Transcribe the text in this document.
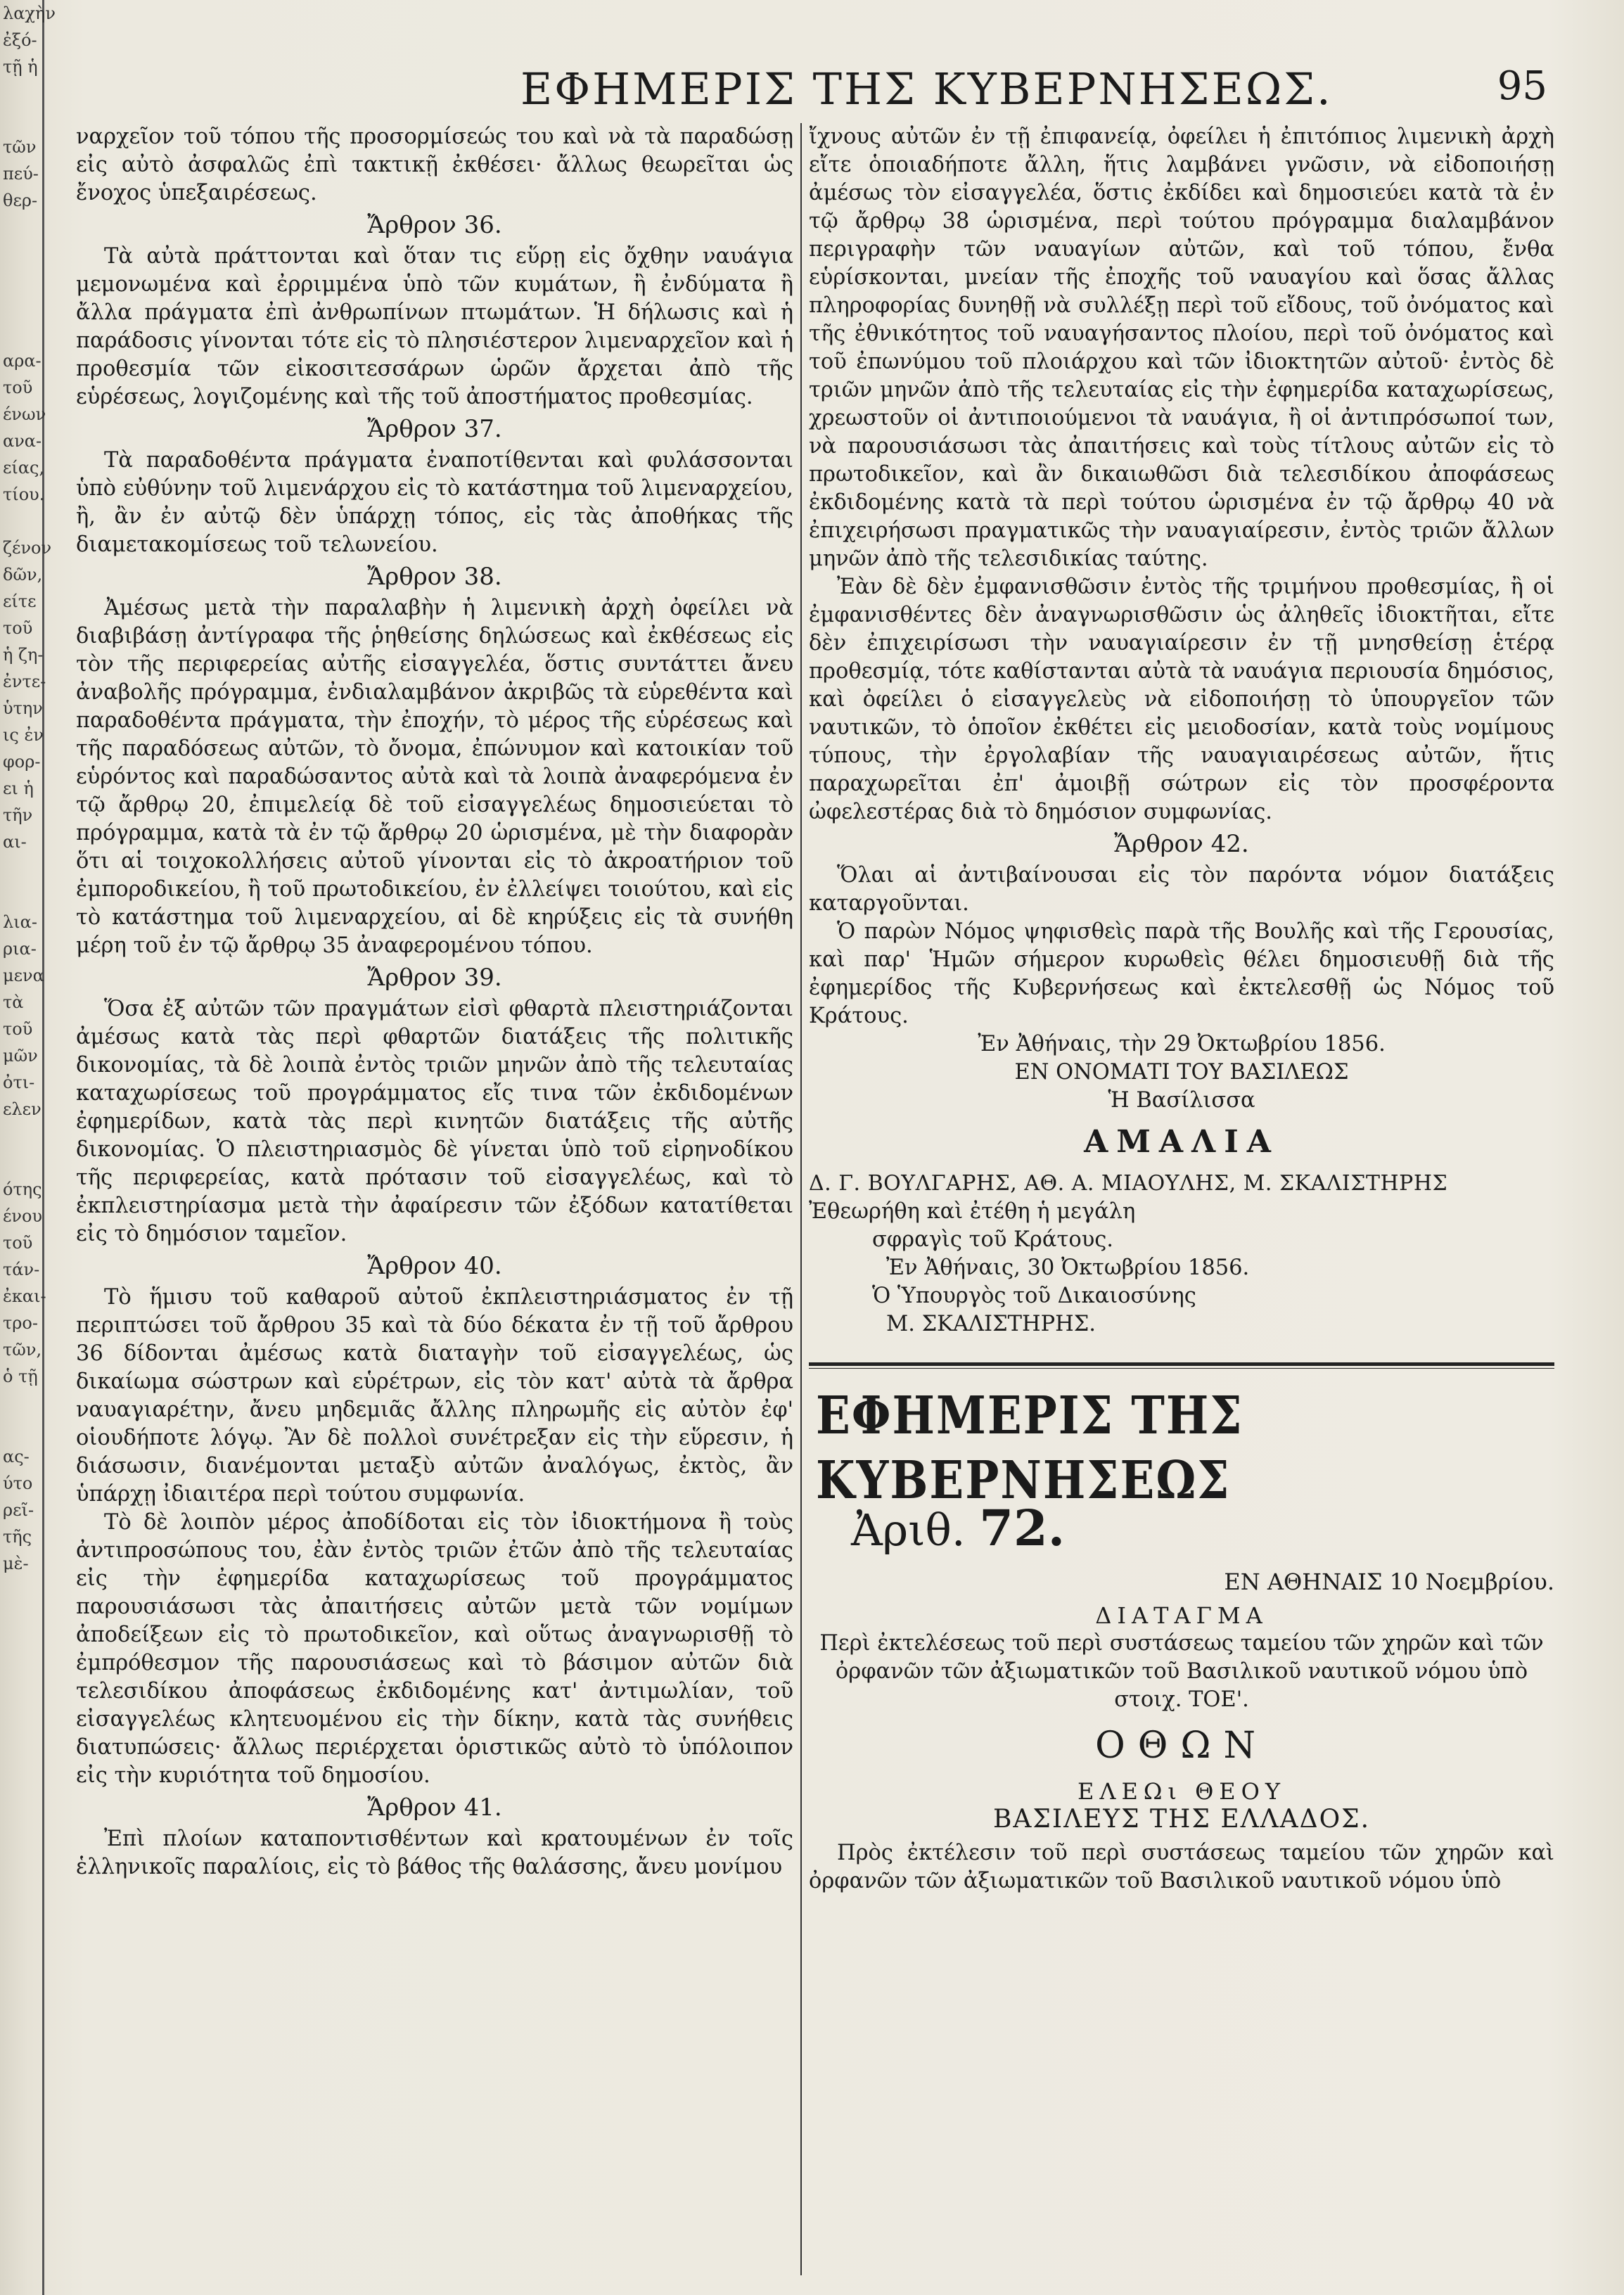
λαχὴν

ἐξό-

τῇ ἡ

τῶν

πεύ-

θερ-

αρα-

τοῦ

ένων

ανα-

είας,

τίου.

ζένον

δῶν,

είτε

τοῦ

ἡ ζη-

ἐντε-

ὑτην

ις ἐν

φορ-

ει ἡ

τῆν

αι-

λια-

ρια-

μενα

τὰ

τοῦ

μῶν

ὀτι-

ελεν

ότης

ένου

τοῦ

τάν-

ἐκαι-

τρο-

τῶν,

ὁ τῇ

ας-

ύτο

ρεῖ-

τῆς

μὲ-

ΕΦΗΜΕΡΙΣ ΤΗΣ ΚΥΒΕΡΝΗΣΕΩΣ.	95

ναρχεῖον τοῦ τόπου τῆς προσορμίσεώς του καὶ νὰ τὰ παραδώσῃ εἰς αὐτὸ ἀσφαλῶς ἐπὶ τακτικῇ ἐκθέσει· ἄλλως θεωρεῖται ὡς ἔνοχος ὑπεξαιρέσεως.

Ἄρθρον 36.

Τὰ αὐτὰ πράττονται καὶ ὅταν τις εὕρῃ εἰς ὄχθην ναυάγια μεμονωμένα καὶ ἐρριμμένα ὑπὸ τῶν κυμάτων, ἢ ἐνδύματα ἢ ἄλλα πράγματα ἐπὶ ἀνθρωπίνων πτωμάτων. Ἡ δήλωσις καὶ ἡ παράδοσις γίνονται τότε εἰς τὸ πλησιέστερον λιμεναρχεῖον καὶ ἡ προθεσμία τῶν εἰκοσιτεσσάρων ὡρῶν ἄρχεται ἀπὸ τῆς εὑρέσεως, λογιζομένης καὶ τῆς τοῦ ἀποστήματος προθεσμίας.

Ἄρθρον 37.

Τὰ παραδοθέντα πράγματα ἐναποτίθενται καὶ φυλάσσονται ὑπὸ εὐθύνην τοῦ λιμενάρχου εἰς τὸ κατάστημα τοῦ λιμεναρχείου, ἢ, ἂν ἐν αὐτῷ δὲν ὑπάρχῃ τόπος, εἰς τὰς ἀποθήκας τῆς διαμετακομίσεως τοῦ τελωνείου.

Ἄρθρον 38.

Ἀμέσως μετὰ τὴν παραλαβὴν ἡ λιμενικὴ ἀρχὴ ὀφείλει νὰ διαβιβάσῃ ἀντίγραφα τῆς ῥηθείσης δηλώσεως καὶ ἐκθέσεως εἰς τὸν τῆς περιφερείας αὐτῆς εἰσαγγελέα, ὅστις συντάττει ἄνευ ἀναβολῆς πρόγραμμα, ἐνδιαλαμβάνον ἀκριβῶς τὰ εὑρεθέντα καὶ παραδοθέντα πράγματα, τὴν ἐποχήν, τὸ μέρος τῆς εὑρέσεως καὶ τῆς παραδόσεως αὐτῶν, τὸ ὄνομα, ἐπώνυμον καὶ κατοικίαν τοῦ εὑρόντος καὶ παραδώσαντος αὐτὰ καὶ τὰ λοιπὰ ἀναφερόμενα ἐν τῷ ἄρθρῳ 20, ἐπιμελείᾳ δὲ τοῦ εἰσαγγελέως δημοσιεύεται τὸ πρόγραμμα, κατὰ τὰ ἐν τῷ ἄρθρῳ 20 ὡρισμένα, μὲ τὴν διαφορὰν ὅτι αἱ τοιχοκολλήσεις αὐτοῦ γίνονται εἰς τὸ ἀκροατήριον τοῦ ἐμποροδικείου, ἢ τοῦ πρωτοδικείου, ἐν ἐλλείψει τοιούτου, καὶ εἰς τὸ κατάστημα τοῦ λιμεναρχείου, αἱ δὲ κηρύξεις εἰς τὰ συνήθη μέρη τοῦ ἐν τῷ ἄρθρῳ 35 ἀναφερομένου τόπου.

Ἄρθρον 39.

Ὅσα ἐξ αὐτῶν τῶν πραγμάτων εἰσὶ φθαρτὰ πλειστηριάζονται ἀμέσως κατὰ τὰς περὶ φθαρτῶν διατάξεις τῆς πολιτικῆς δικονομίας, τὰ δὲ λοιπὰ ἐντὸς τριῶν μηνῶν ἀπὸ τῆς τελευταίας καταχωρίσεως τοῦ προγράμματος εἴς τινα τῶν ἐκδιδομένων ἐφημερίδων, κατὰ τὰς περὶ κινητῶν διατάξεις τῆς αὐτῆς δικονομίας. Ὁ πλειστηριασμὸς δὲ γίνεται ὑπὸ τοῦ εἰρηνοδίκου τῆς περιφερείας, κατὰ πρότασιν τοῦ εἰσαγγελέως, καὶ τὸ ἐκπλειστηρίασμα μετὰ τὴν ἀφαίρεσιν τῶν ἐξόδων κατατίθεται εἰς τὸ δημόσιον ταμεῖον.

Ἄρθρον 40.

Τὸ ἥμισυ τοῦ καθαροῦ αὐτοῦ ἐκπλειστηριάσματος ἐν τῇ περιπτώσει τοῦ ἄρθρου 35 καὶ τὰ δύο δέκατα ἐν τῇ τοῦ ἄρθρου 36 δίδονται ἀμέσως κατὰ διαταγὴν τοῦ εἰσαγγελέως, ὡς δικαίωμα σώστρων καὶ εὑρέτρων, εἰς τὸν κατ' αὐτὰ τὰ ἄρθρα ναυαγιαρέτην, ἄνευ μηδεμιᾶς ἄλλης πληρωμῆς εἰς αὐτὸν ἐφ' οἱουδήποτε λόγῳ. Ἂν δὲ πολλοὶ συνέτρεξαν εἰς τὴν εὕρεσιν, ἡ διάσωσιν, διανέμονται μεταξὺ αὐτῶν ἀναλόγως, ἐκτὸς, ἂν ὑπάρχῃ ἰδιαιτέρα περὶ τούτου συμφωνία.

Τὸ δὲ λοιπὸν μέρος ἀποδίδοται εἰς τὸν ἰδιοκτήμονα ἢ τοὺς ἀντιπροσώπους του, ἐὰν ἐντὸς τριῶν ἐτῶν ἀπὸ τῆς τελευταίας εἰς τὴν ἐφημερίδα καταχωρίσεως τοῦ προγράμματος παρουσιάσωσι τὰς ἀπαιτήσεις αὐτῶν μετὰ τῶν νομίμων ἀποδείξεων εἰς τὸ πρωτοδικεῖον, καὶ οὕτως ἀναγνωρισθῇ τὸ ἐμπρόθεσμον τῆς παρουσιάσεως καὶ τὸ βάσιμον αὐτῶν διὰ τελεσιδίκου ἀποφάσεως ἐκδιδομένης κατ' ἀντιμωλίαν, τοῦ εἰσαγγελέως κλητευομένου εἰς τὴν δίκην, κατὰ τὰς συνήθεις διατυπώσεις· ἄλλως περιέρχεται ὁριστικῶς αὐτὸ τὸ ὑπόλοιπον εἰς τὴν κυριότητα τοῦ δημοσίου.

Ἄρθρον 41.

Ἐπὶ πλοίων καταποντισθέντων καὶ κρατουμένων ἐν τοῖς ἑλληνικοῖς παραλίοις, εἰς τὸ βάθος τῆς θαλάσσης, ἄνευ μονίμου

ἴχνους αὐτῶν ἐν τῇ ἐπιφανείᾳ, ὀφείλει ἡ ἐπιτόπιος λιμενικὴ ἀρχὴ εἴτε ὁποιαδήποτε ἄλλη, ἥτις λαμβάνει γνῶσιν, νὰ εἰδοποιήσῃ ἀμέσως τὸν εἰσαγγελέα, ὅστις ἐκδίδει καὶ δημοσιεύει κατὰ τὰ ἐν τῷ ἄρθρῳ 38 ὡρισμένα, περὶ τούτου πρόγραμμα διαλαμβάνον περιγραφὴν τῶν ναυαγίων αὐτῶν, καὶ τοῦ τόπου, ἔνθα εὑρίσκονται, μνείαν τῆς ἐποχῆς τοῦ ναυαγίου καὶ ὅσας ἄλλας πληροφορίας δυνηθῇ νὰ συλλέξῃ περὶ τοῦ εἴδους, τοῦ ὀνόματος καὶ τῆς ἐθνικότητος τοῦ ναυαγήσαντος πλοίου, περὶ τοῦ ὀνόματος καὶ τοῦ ἐπωνύμου τοῦ πλοιάρχου καὶ τῶν ἰδιοκτητῶν αὐτοῦ· ἐντὸς δὲ τριῶν μηνῶν ἀπὸ τῆς τελευταίας εἰς τὴν ἐφημερίδα καταχωρίσεως, χρεωστοῦν οἱ ἀντιποιούμενοι τὰ ναυάγια, ἢ οἱ ἀντιπρόσωποί των, νὰ παρουσιάσωσι τὰς ἀπαιτήσεις καὶ τοὺς τίτλους αὐτῶν εἰς τὸ πρωτοδικεῖον, καὶ ἂν δικαιωθῶσι διὰ τελεσιδίκου ἀποφάσεως ἐκδιδομένης κατὰ τὰ περὶ τούτου ὡρισμένα ἐν τῷ ἄρθρῳ 40 νὰ ἐπιχειρήσωσι πραγματικῶς τὴν ναυαγιαίρεσιν, ἐντὸς τριῶν ἄλλων μηνῶν ἀπὸ τῆς τελεσιδικίας ταύτης.

Ἐὰν δὲ δὲν ἐμφανισθῶσιν ἐντὸς τῆς τριμήνου προθεσμίας, ἢ οἱ ἐμφανισθέντες δὲν ἀναγνωρισθῶσιν ὡς ἀληθεῖς ἰδιοκτῆται, εἴτε δὲν ἐπιχειρίσωσι τὴν ναυαγιαίρεσιν ἐν τῇ μνησθείσῃ ἑτέρᾳ προθεσμίᾳ, τότε καθίστανται αὐτὰ τὰ ναυάγια περιουσία δημόσιος, καὶ ὀφείλει ὁ εἰσαγγελεὺς νὰ εἰδοποιήσῃ τὸ ὑπουργεῖον τῶν ναυτικῶν, τὸ ὁποῖον ἐκθέτει εἰς μειοδοσίαν, κατὰ τοὺς νομίμους τύπους, τὴν ἐργολαβίαν τῆς ναυαγιαιρέσεως αὐτῶν, ἥτις παραχωρεῖται ἐπ' ἀμοιβῇ σώτρων εἰς τὸν προσφέροντα ὠφελεστέρας διὰ τὸ δημόσιον συμφωνίας.

Ἄρθρον 42.

Ὅλαι αἱ ἀντιβαίνουσαι εἰς τὸν παρόντα νόμον διατάξεις καταργοῦνται.

Ὁ παρὼν Νόμος ψηφισθεὶς παρὰ τῆς Βουλῆς καὶ τῆς Γερουσίας, καὶ παρ' Ἡμῶν σήμερον κυρωθεὶς θέλει δημοσιευθῇ διὰ τῆς ἐφημερίδος τῆς Κυβερνήσεως καὶ ἐκτελεσθῇ ὡς Νόμος τοῦ Κράτους.

Ἐν Ἀθήναις, τὴν 29 Ὀκτωβρίου 1856.

ΕΝ ΟΝΟΜΑΤΙ ΤΟΥ ΒΑΣΙΛΕΩΣ

Ἡ Βασίλισσα

ΑΜΑΛΙΑ

Δ. Γ. ΒΟΥΛΓΑΡΗΣ, ΑΘ. Α. ΜΙΑΟΥΛΗΣ, Μ. ΣΚΑΛΙΣΤΗΡΗΣ

Ἐθεωρήθη καὶ ἐτέθη ἡ μεγάλη

σφραγὶς τοῦ Κράτους.

Ἐν Ἀθήναις, 30 Ὀκτωβρίου 1856.

Ὁ Ὑπουργὸς τοῦ Δικαιοσύνης

Μ. ΣΚΑΛΙΣΤΗΡΗΣ.

ΕΦΗΜΕΡΙΣ ΤΗΣ ΚΥΒΕΡΝΗΣΕΩΣ

Ἀριθ. 72.

ΕΝ ΑΘΗΝΑΙΣ 10 Νοεμβρίου.

ΔΙΑΤΑΓΜΑ

Περὶ ἐκτελέσεως τοῦ περὶ συστάσεως ταμείου τῶν χηρῶν καὶ τῶν ὀρφανῶν τῶν ἀξιωματικῶν τοῦ Βασιλικοῦ ναυτικοῦ νόμου ὑπὸ στοιχ. ΤΟΕ'.

ΟΘΩΝ

ΕΛΕΩι ΘΕΟΥ

ΒΑΣΙΛΕΥΣ ΤΗΣ ΕΛΛΑΔΟΣ.

Πρὸς ἐκτέλεσιν τοῦ περὶ συστάσεως ταμείου τῶν χηρῶν καὶ ὀρφανῶν τῶν ἀξιωματικῶν τοῦ Βασιλικοῦ ναυτικοῦ νόμου ὑπὸ
